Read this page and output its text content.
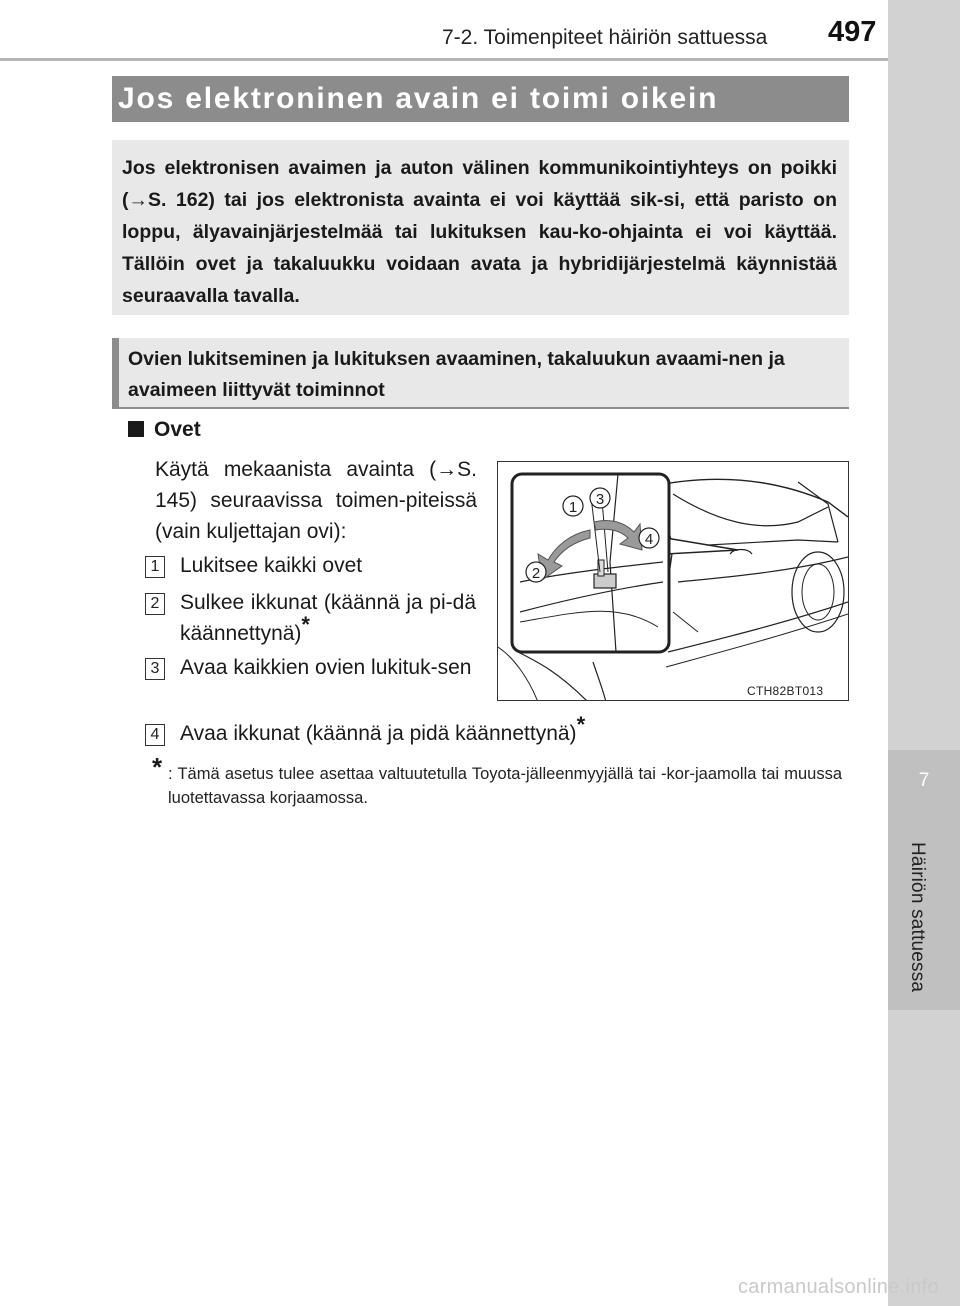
7-2. Toimenpiteet häiriön sattuessa 497
7
Häiriön sattuessa
Jos elektroninen avain ei toimi oikein
Jos elektronisen avaimen ja auton välinen kommunikointiyhteys on poikki (→S. 162) tai jos elektronista avainta ei voi käyttää sik-si, että paristo on loppu, älyavainjärjestelmää tai lukituksen kau-ko-ohjainta ei voi käyttää. Tällöin ovet ja takaluukku voidaan avata ja hybridijärjestelmä käynnistää seuraavalla tavalla.
Ovien lukitseminen ja lukituksen avaaminen, takaluukun avaami-nen ja avaimeen liittyvät toiminnot
Ovet
Käytä mekaanista avainta (→S. 145) seuraavissa toimen-piteissä (vain kuljettajan ovi):
1 Lukitsee kaikki ovet
2 Sulkee ikkunat (käännä ja pi-dä käännettynä)*
3 Avaa kaikkien ovien lukituk-sen
4 Avaa ikkunat (käännä ja pidä käännettynä)*
1
2
3
4
CTH82BT013
* : Tämä asetus tulee asettaa valtuutetulla Toyota-jälleenmyyjällä tai -kor-jaamolla tai muussa luotettavassa korjaamossa.
carmanualsonline.info
